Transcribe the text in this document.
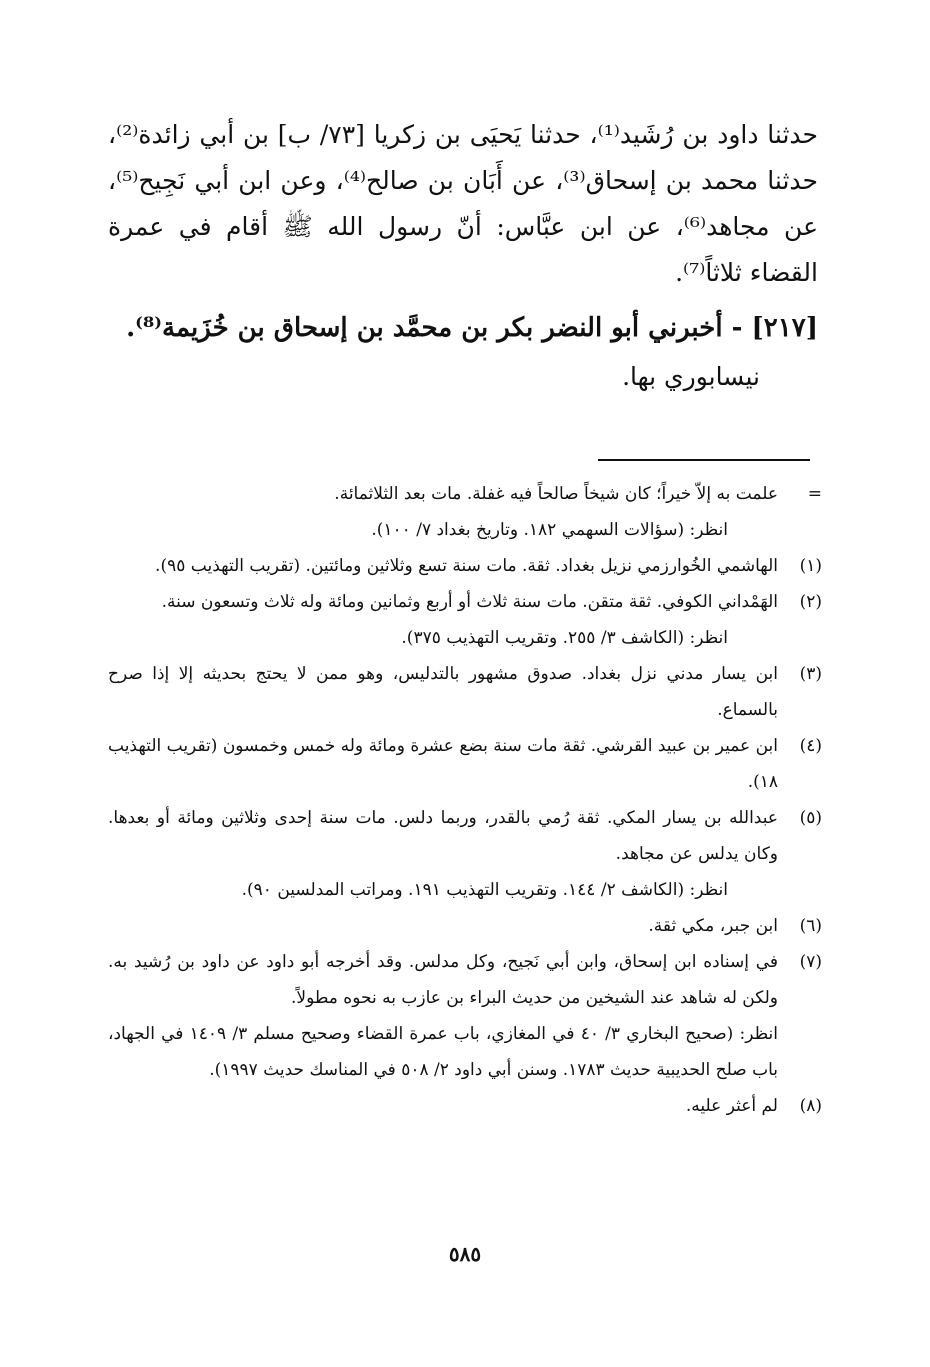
حدثنا داود بن رُشَيد⁽¹⁾، حدثنا يَحيَى بن زكريا [٧٣/ ب] بن أبي زائدة⁽²⁾، حدثنا محمد بن إسحاق⁽³⁾، عن أَبَان بن صالح⁽⁴⁾، وعن ابن أبي نَجِيح⁽⁵⁾، عن مجاهد⁽⁶⁾، عن ابن عبَّاس: أنّ رسول الله ﷺ أقام في عمرة القضاء ثلاثاً⁽⁷⁾.

[٢١٧] - أخبرني أبو النضر بكر بن محمَّد بن إسحاق بن خُزَيمة⁽⁸⁾.
نيسابوري بها.
=
علمت به إلاّ خيراً؛ كان شيخاً صالحاً فيه غفلة. مات بعد الثلاثمائة.
انظر: (سؤالات السهمي ١٨٢. وتاريخ بغداد ٧/ ١٠٠).
(١)
الهاشمي الخُوارزمي نزيل بغداد. ثقة. مات سنة تسع وثلاثين ومائتين. (تقريب التهذيب ٩٥).
(٢)
الهَمْداني الكوفي. ثقة متقن. مات سنة ثلاث أو أربع وثمانين ومائة وله ثلاث وتسعون سنة.
انظر: (الكاشف ٣/ ٢٥٥. وتقريب التهذيب ٣٧٥).
(٣)
ابن يسار مدني نزل بغداد. صدوق مشهور بالتدليس، وهو ممن لا يحتج بحديثه إلا إذا صرح بالسماع.
(٤)
ابن عمير بن عبيد القرشي. ثقة مات سنة بضع عشرة ومائة وله خمس وخمسون (تقريب التهذيب ١٨).
(٥)
عبدالله بن يسار المكي. ثقة رُمي بالقدر، وربما دلس. مات سنة إحدى وثلاثين ومائة أو بعدها. وكان يدلس عن مجاهد.
انظر: (الكاشف ٢/ ١٤٤. وتقريب التهذيب ١٩١. ومراتب المدلسين ٩٠).
(٦)
ابن جبر، مكي ثقة.
(٧)
في إسناده ابن إسحاق، وابن أبي نَجيح، وكل مدلس. وقد أخرجه أبو داود عن داود بن رُشيد به. ولكن له شاهد عند الشيخين من حديث البراء بن عازب به نحوه مطولاً.
انظر: (صحيح البخاري ٣/ ٤٠ في المغازي، باب عمرة القضاء وصحيح مسلم ٣/ ١٤٠٩ في الجهاد، باب صلح الحديبية حديث ١٧٨٣. وسنن أبي داود ٢/ ٥٠٨ في المناسك حديث ١٩٩٧).
(٨)
لم أعثر عليه.
٥٨٥
